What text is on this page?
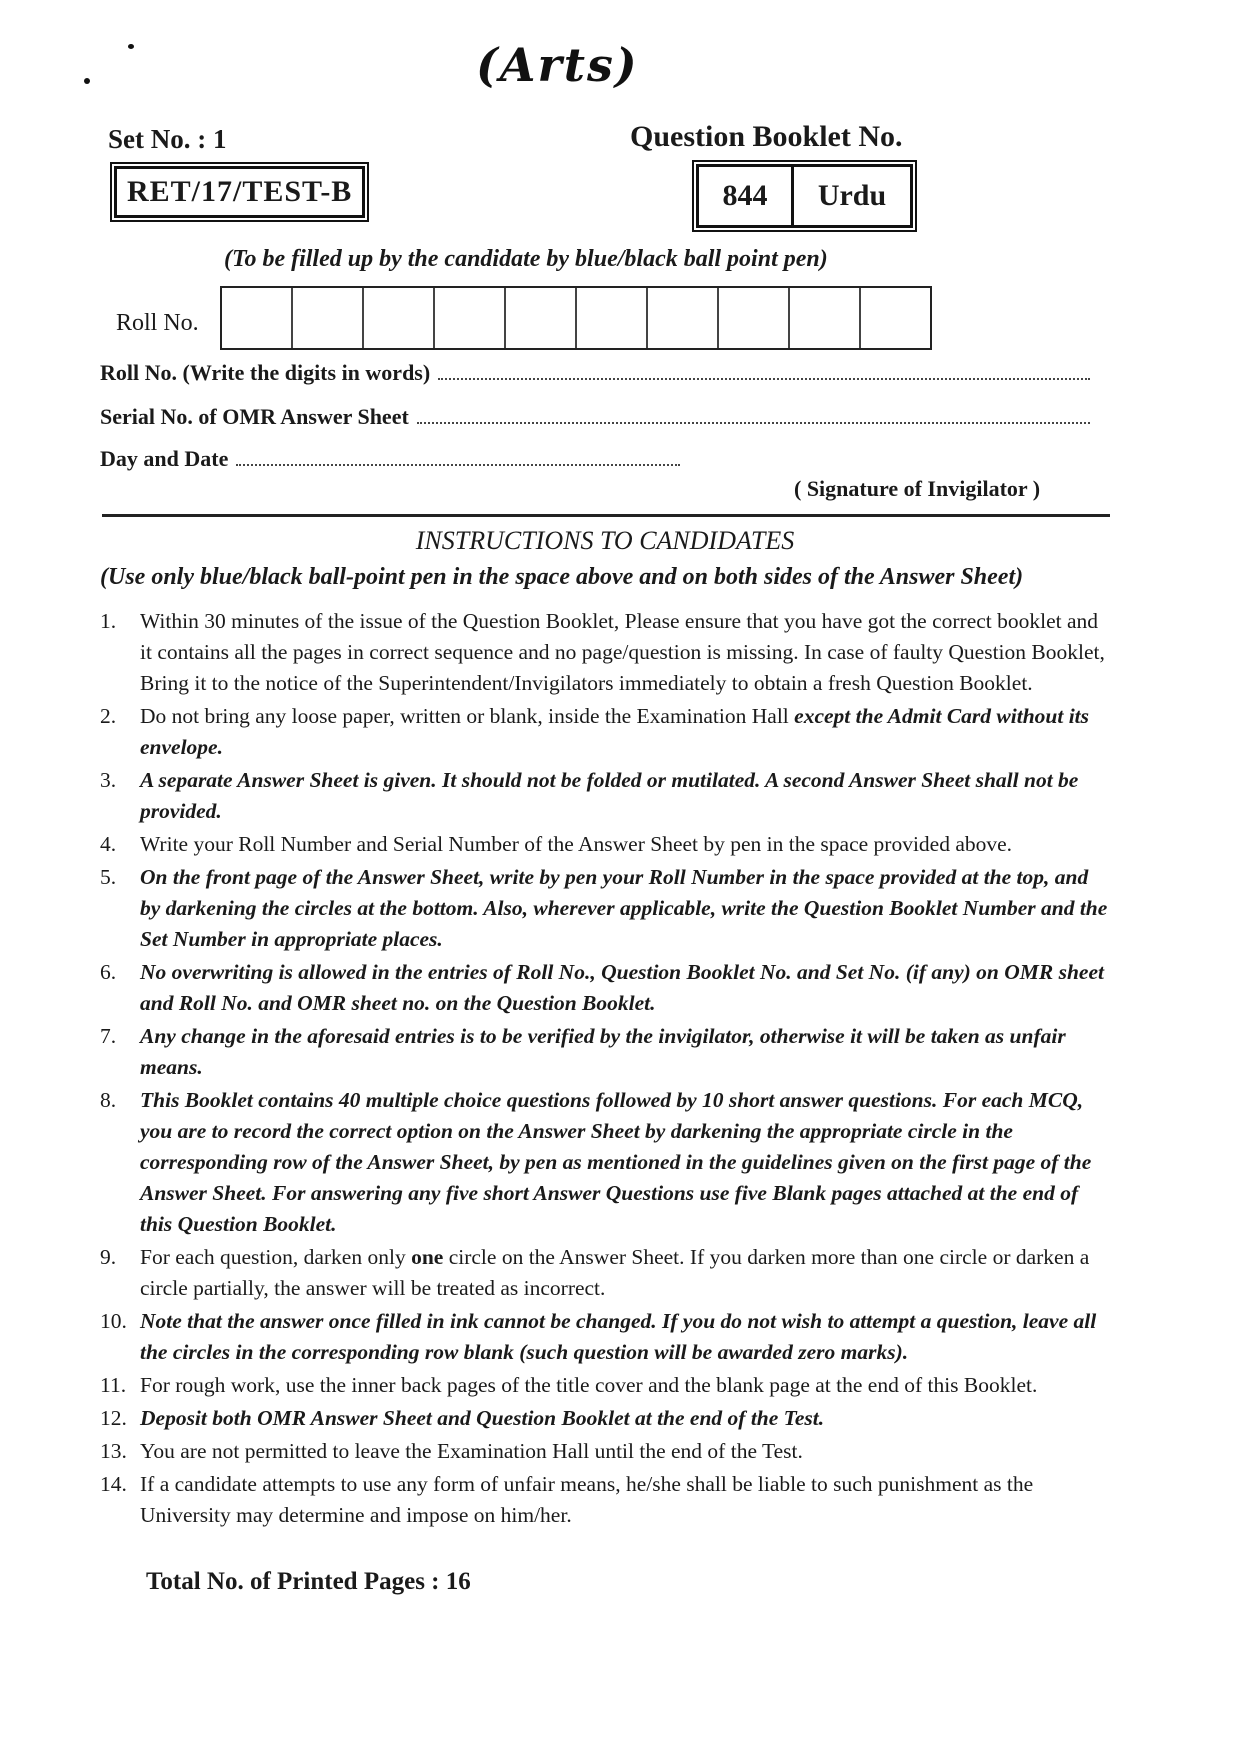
(Arts)
Set No. : 1	Question Booklet No.
RET/17/TEST-B	844	Urdu
(To be filled up by the candidate by blue/black ball point pen)
Roll No.
Roll No. (Write the digits in words)
Serial No. of OMR Answer Sheet
Day and Date
( Signature of Invigilator )
INSTRUCTIONS TO CANDIDATES
(Use only blue/black ball-point pen in the space above and on both sides of the Answer Sheet)
1.	Within 30 minutes of the issue of the Question Booklet, Please ensure that you have got the correct booklet and it contains all the pages in correct sequence and no page/question is missing. In case of faulty Question Booklet, Bring it to the notice of the Superintendent/Invigilators immediately to obtain a fresh Question Booklet.
2.	Do not bring any loose paper, written or blank, inside the Examination Hall except the Admit Card without its envelope.
3.	A separate Answer Sheet is given. It should not be folded or mutilated. A second Answer Sheet shall not be provided.
4.	Write your Roll Number and Serial Number of the Answer Sheet by pen in the space provided above.
5.	On the front page of the Answer Sheet, write by pen your Roll Number in the space provided at the top, and by darkening the circles at the bottom. Also, wherever applicable, write the Question Booklet Number and the Set Number in appropriate places.
6.	No overwriting is allowed in the entries of Roll No., Question Booklet No. and Set No. (if any) on OMR sheet and Roll No. and OMR sheet no. on the Question Booklet.
7.	Any change in the aforesaid entries is to be verified by the invigilator, otherwise it will be taken as unfair means.
8.	This Booklet contains 40 multiple choice questions followed by 10 short answer questions. For each MCQ, you are to record the correct option on the Answer Sheet by darkening the appropriate circle in the corresponding row of the Answer Sheet, by pen as mentioned in the guidelines given on the first page of the Answer Sheet. For answering any five short Answer Questions use five Blank pages attached at the end of this Question Booklet.
9.	For each question, darken only one circle on the Answer Sheet. If you darken more than one circle or darken a circle partially, the answer will be treated as incorrect.
10. Note that the answer once filled in ink cannot be changed. If you do not wish to attempt a question, leave all the circles in the corresponding row blank (such question will be awarded zero marks).
11. For rough work, use the inner back pages of the title cover and the blank page at the end of this Booklet.
12. Deposit both OMR Answer Sheet and Question Booklet at the end of the Test.
13. You are not permitted to leave the Examination Hall until the end of the Test.
14. If a candidate attempts to use any form of unfair means, he/she shall be liable to such punishment as the University may determine and impose on him/her.
Total No. of Printed Pages : 16
